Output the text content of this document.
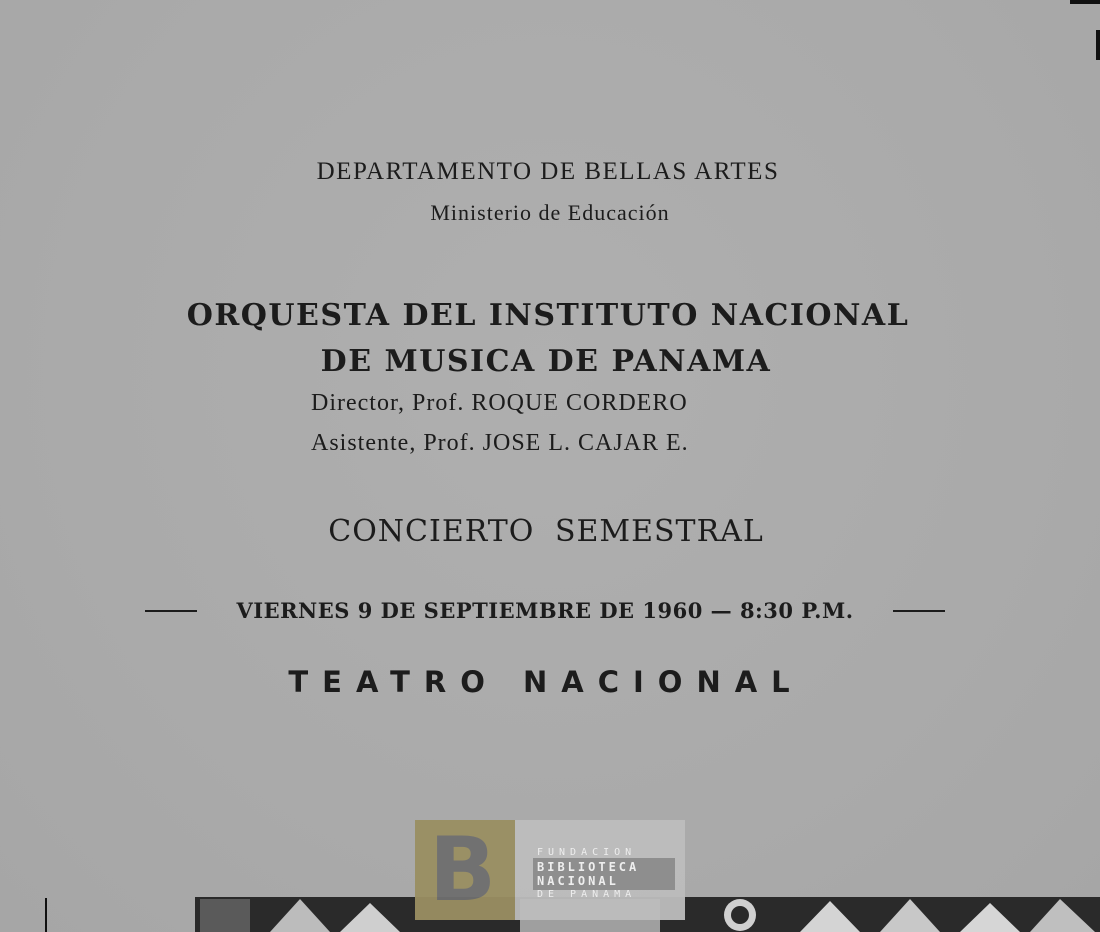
DEPARTAMENTO DE BELLAS ARTES
Ministerio de Educación
ORQUESTA DEL INSTITUTO NACIONAL
DE MUSICA DE PANAMA
Director, Prof. ROQUE CORDERO
Asistente, Prof. JOSE L. CAJAR E.
CONCIERTO SEMESTRAL
VIERNES 9 DE SEPTIEMBRE DE 1960 — 8:30 P.M.
TEATRO NACIONAL
B	FUNDACION
BIBLIOTECA
NACIONAL
DE PANAMA
